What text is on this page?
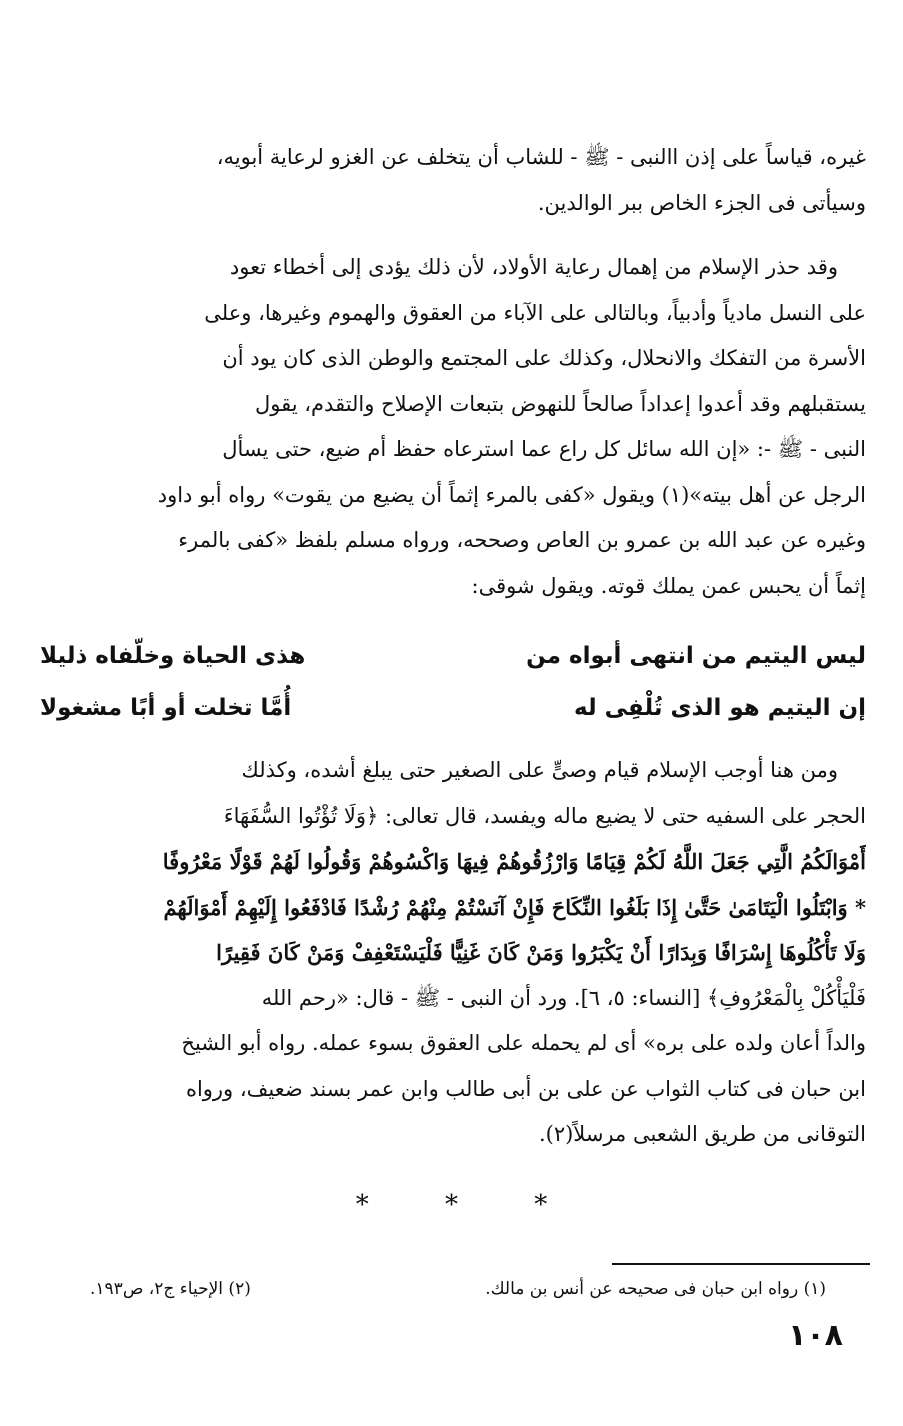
غيره، قياساً على إذن االنبى - ﷺ - للشاب أن يتخلف عن الغزو لرعاية أبويه،
وسيأتى فى الجزء الخاص ببر الوالدين.
وقد حذر الإسلام من إهمال رعاية الأولاد، لأن ذلك يؤدى إلى أخطاء تعود
على النسل مادياً وأدبياً، وبالتالى على الآباء من العقوق والهموم وغيرها، وعلى
الأسرة من التفكك والانحلال، وكذلك على المجتمع والوطن الذى كان يود أن
يستقبلهم وقد أعدوا إعداداً صالحاً للنهوض بتبعات الإصلاح والتقدم، يقول
النبى - ﷺ -: «إن الله سائل كل راع عما استرعاه حفظ أم ضيع، حتى يسأل
الرجل عن أهل بيته»(١) ويقول «كفى بالمرء إثماً أن يضيع من يقوت» رواه أبو داود
وغيره عن عبد الله بن عمرو بن العاص وصححه، ورواه مسلم بلفظ «كفى بالمرء
إثماً أن يحبس عمن يملك قوته. ويقول شوقى:
ليس اليتيم من انتهى أبواه من
هذى الحياة وخلّفاه ذليلا
إن اليتيم هو الذى تُلْفِى له
أُمَّا تخلت أو أبًا مشغولا
ومن هنا أوجب الإسلام قيام وصىٍّ على الصغير حتى يبلغ أشده، وكذلك
الحجر على السفيه حتى لا يضيع ماله ويفسد، قال تعالى: ﴿وَلَا تُؤْتُوا السُّفَهَاءَ
أَمْوَالَكُمُ الَّتِي جَعَلَ اللَّهُ لَكُمْ قِيَامًا وَارْزُقُوهُمْ فِيهَا وَاكْسُوهُمْ وَقُولُوا لَهُمْ قَوْلًا مَعْرُوفًا
* وَابْتَلُوا الْيَتَامَىٰ حَتَّىٰ إِذَا بَلَغُوا النِّكَاحَ فَإِنْ آنَسْتُمْ مِنْهُمْ رُشْدًا فَادْفَعُوا إِلَيْهِمْ أَمْوَالَهُمْ
وَلَا تَأْكُلُوهَا إِسْرَافًا وَبِدَارًا أَنْ يَكْبَرُوا وَمَنْ كَانَ غَنِيًّا فَلْيَسْتَعْفِفْ وَمَنْ كَانَ فَقِيرًا
فَلْيَأْكُلْ بِالْمَعْرُوفِ﴾ [النساء: ٥، ٦]. ورد أن النبى - ﷺ - قال: «رحم الله
والداً أعان ولده على بره» أى لم يحمله على العقوق بسوء عمله. رواه أبو الشيخ
ابن حبان فى كتاب الثواب عن على بن أبى طالب وابن عمر بسند ضعيف، ورواه
التوقانى من طريق الشعبى مرسلاً(٢).
* * *
(١) رواه ابن حبان فى صحيحه عن أنس بن مالك.
(٢) الإحياء ج٢، ص١٩٣.
١٠٨
